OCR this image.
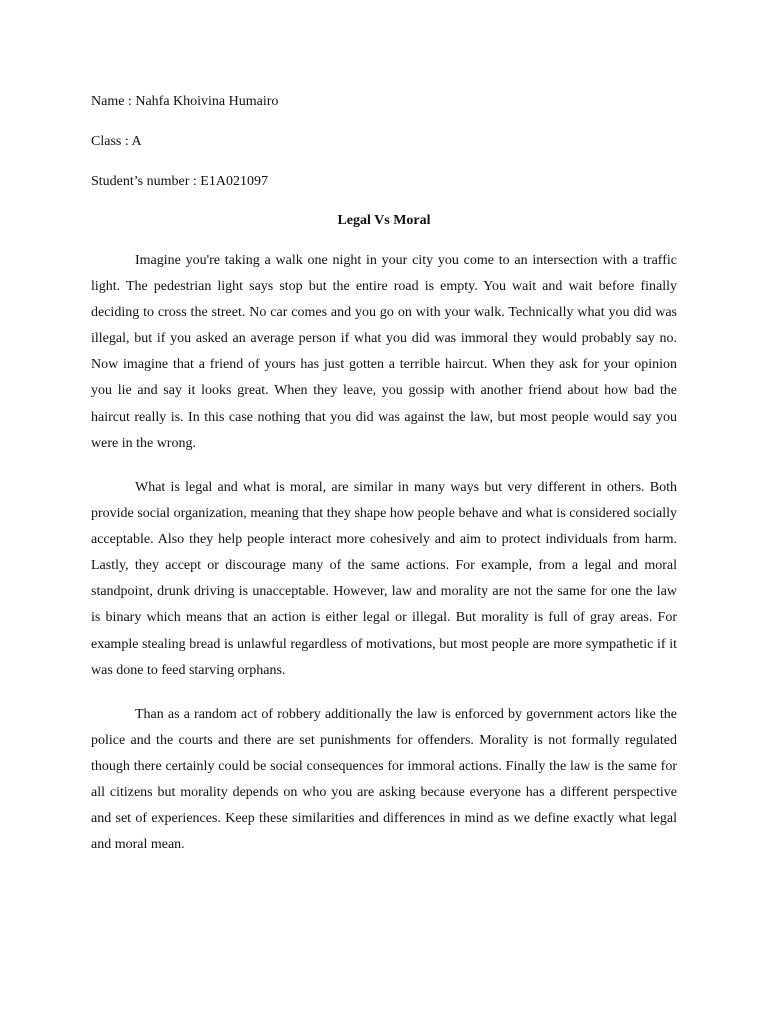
Name : Nahfa Khoivina Humairo
Class : A
Student’s number : E1A021097
Legal Vs Moral

Imagine you're taking a walk one night in your city you come to an intersection with a traffic light. The pedestrian light says stop but the entire road is empty. You wait and wait before finally deciding to cross the street. No car comes and you go on with your walk. Technically what you did was illegal, but if you asked an average person if what you did was immoral they would probably say no. Now imagine that a friend of yours has just gotten a terrible haircut. When they ask for your opinion you lie and say it looks great. When they leave, you gossip with another friend about how bad the haircut really is. In this case nothing that you did was against the law, but most people would say you were in the wrong.

What is legal and what is moral, are similar in many ways but very different in others. Both provide social organization, meaning that they shape how people behave and what is considered socially acceptable. Also they help people interact more cohesively and aim to protect individuals from harm. Lastly, they accept or discourage many of the same actions. For example, from a legal and moral standpoint, drunk driving is unacceptable. However, law and morality are not the same for one the law is binary which means that an action is either legal or illegal. But morality is full of gray areas. For example stealing bread is unlawful regardless of motivations, but most people are more sympathetic if it was done to feed starving orphans.

Than as a random act of robbery additionally the law is enforced by government actors like the police and the courts and there are set punishments for offenders. Morality is not formally regulated though there certainly could be social consequences for immoral actions. Finally the law is the same for all citizens but morality depends on who you are asking because everyone has a different perspective and set of experiences. Keep these similarities and differences in mind as we define exactly what legal and moral mean.
